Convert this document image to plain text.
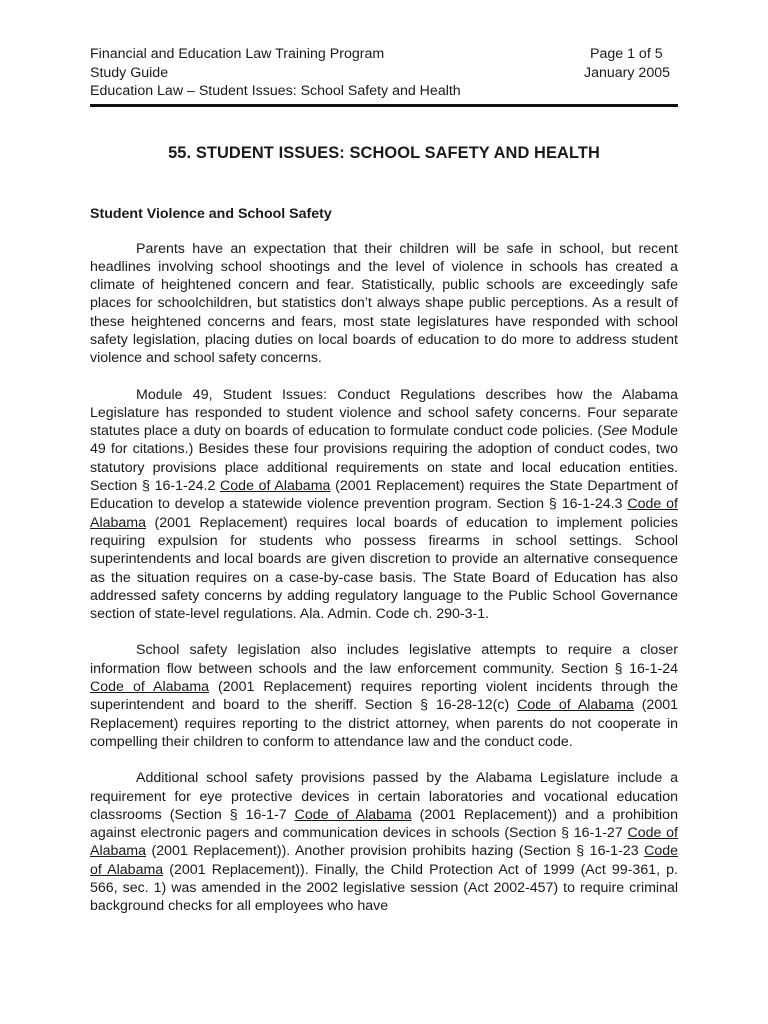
Financial and Education Law Training Program
Study Guide
Education Law – Student Issues: School Safety and Health
Page 1 of 5
January 2005
55. STUDENT ISSUES: SCHOOL SAFETY AND HEALTH
Student Violence and School Safety

Parents have an expectation that their children will be safe in school, but recent headlines involving school shootings and the level of violence in schools has created a climate of heightened concern and fear. Statistically, public schools are exceedingly safe places for schoolchildren, but statistics don’t always shape public perceptions. As a result of these heightened concerns and fears, most state legislatures have responded with school safety legislation, placing duties on local boards of education to do more to address student violence and school safety concerns.

Module 49, Student Issues: Conduct Regulations describes how the Alabama Legislature has responded to student violence and school safety concerns. Four separate statutes place a duty on boards of education to formulate conduct code policies. (See Module 49 for citations.) Besides these four provisions requiring the adoption of conduct codes, two statutory provisions place additional requirements on state and local education entities. Section § 16-1-24.2 Code of Alabama (2001 Replacement) requires the State Department of Education to develop a statewide violence prevention program. Section § 16-1-24.3 Code of Alabama (2001 Replacement) requires local boards of education to implement policies requiring expulsion for students who possess firearms in school settings. School superintendents and local boards are given discretion to provide an alternative consequence as the situation requires on a case-by-case basis. The State Board of Education has also addressed safety concerns by adding regulatory language to the Public School Governance section of state-level regulations. Ala. Admin. Code ch. 290-3-1.

School safety legislation also includes legislative attempts to require a closer information flow between schools and the law enforcement community. Section § 16-1-24 Code of Alabama (2001 Replacement) requires reporting violent incidents through the superintendent and board to the sheriff. Section § 16-28-12(c) Code of Alabama (2001 Replacement) requires reporting to the district attorney, when parents do not cooperate in compelling their children to conform to attendance law and the conduct code.

Additional school safety provisions passed by the Alabama Legislature include a requirement for eye protective devices in certain laboratories and vocational education classrooms (Section § 16-1-7 Code of Alabama (2001 Replacement)) and a prohibition against electronic pagers and communication devices in schools (Section § 16-1-27 Code of Alabama (2001 Replacement)). Another provision prohibits hazing (Section § 16-1-23 Code of Alabama (2001 Replacement)). Finally, the Child Protection Act of 1999 (Act 99-361, p. 566, sec. 1) was amended in the 2002 legislative session (Act 2002-457) to require criminal background checks for all employees who have
